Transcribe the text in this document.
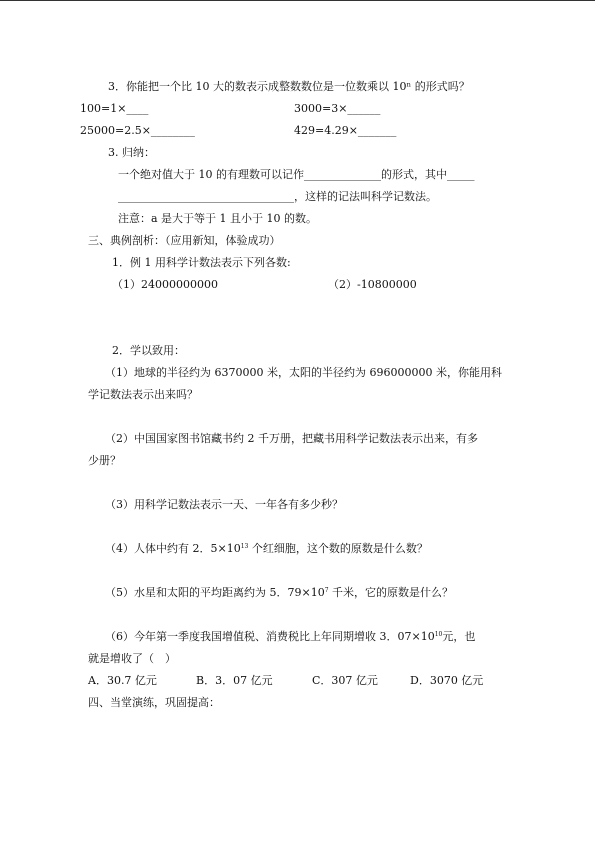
3．你能把一个比 10 大的数表示成整数数位是一位数乘以 10ⁿ 的形式吗？
100=1×____	3000=3×______
25000=2.5×________	429=4.29×_______
3. 归纳：
一个绝对值大于 10 的有理数可以记作______________的形式，其中_____
________________________________，这样的记法叫科学记数法。
注意：a 是大于等于 1 且小于 10 的数。
三、典例剖析：（应用新知，体验成功）
1．例 1 用科学计数法表示下列各数:
（1）24000000000	（2）-10800000
2．学以致用：
（1）地球的半径约为 6370000 米，太阳的半径约为 696000000 米，你能用科
学记数法表示出来吗？
（2）中国国家图书馆藏书约 2 千万册，把藏书用科学记数法表示出来，有多
少册？
（3）用科学记数法表示一天、一年各有多少秒？
（4）人体中约有 2．$5\times 10^{13}$ 个红细胞，这个数的原数是什么数？
（5）水星和太阳的平均距离约为 5．$79\times 10^7$ 千米，它的原数是什么？
（6）今年第一季度我国增值税、消费税比上年同期增收 3．$07\times 10^{10}$元，也
就是增收了（　）
A．30.7 亿元	B．3．07 亿元	C．307 亿元	D．3070 亿元
四、当堂演练，巩固提高：
